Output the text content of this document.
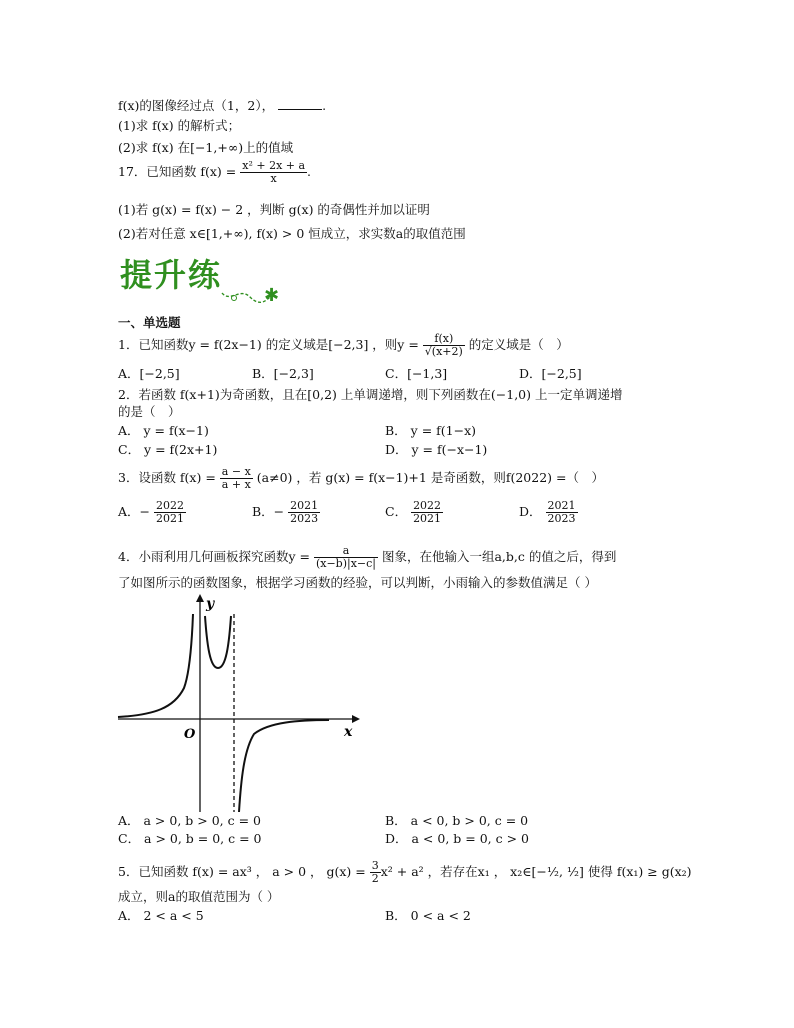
f(x)的图像经过点（1，2），	.
(1)求 f(x) 的解析式；
(2)求 f(x) 在[−1,+∞)上的值域
17．已知函数 $f(x) = \frac{\text{x² + 2x + a}}{x}$ .
(1)若 g(x) = f(x) − 2 ，判断 g(x) 的奇偶性并加以证明
(2)若对任意 x∈[1,+∞), f(x) > 0 恒成立，求实数a的取值范围
提升练
✱
一、单选题
1．已知函数y = f(2x−1) 的定义域是[−2,3] ，则$y = \frac{f(x)}{√(x+2)}$ 的定义域是（　）
A．[−2,5]	B．[−2,3]	C．[−1,3]	D．[−2,5]
2．若函数 f(x+1)为奇函数，且在[0,2) 上单调递增，则下列函数在(−1,0) 上一定单调递增
的是（　）
A． y = f(x−1)	B． y = f(1−x)
C． y = f(2x+1)	D． y = f(−x−1)
3．设函数 $f(x) = \frac{a - x}{a + x} (a\ne 0)$ ，若 g(x) = f(x−1)+1 是奇函数，则f(2022) =（　）
A．− $\frac{2022}{2021}$	B．− $\frac{2021}{2023}$	C． $\frac{2022}{2021}$	D． $\frac{2021}{2023}$
4．小雨利用几何画板探究函数$y = \frac{a}{(x-b)|x-c|}$ 图象，在他输入一组a,b,c 的值之后，得到
了如图所示的函数图象，根据学习函数的经验，可以判断，小雨输入的参数值满足（ ）
y
x
O
A． a > 0, b > 0, c = 0	B． a < 0, b > 0, c = 0
C． a > 0, b = 0, c = 0	D． a < 0, b = 0, c > 0
5．已知函数 f(x) = ax³ ， a > 0 ， $g(x) = \frac{3}{2} x^2 + a^2$ ，若存在x₁ ， x₂∈[−½, ½] 使得 f(x₁) ≥ g(x₂)
成立，则a的取值范围为（ ）
A． 2 < a < 5	B． 0 < a < 2
